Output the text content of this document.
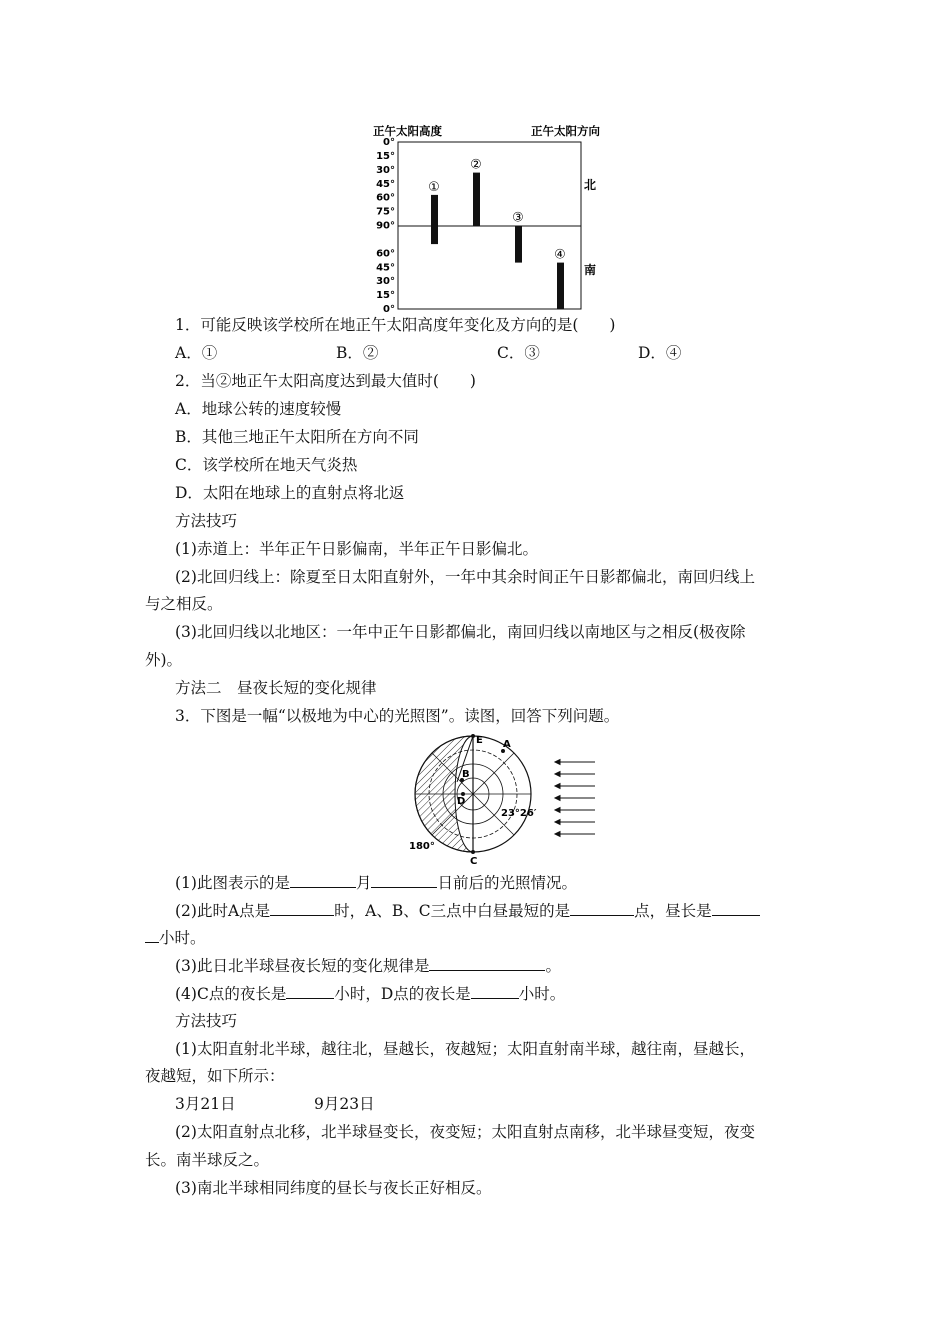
正午太阳高度	正午太阳方向
0°
15°
30°
45°
60°
75°
90°
60°
45°
30°
15°
0°
北
南
①
②
③
④
1．可能反映该学校所在地正午太阳高度年变化及方向的是(　　)
A．①	B．②	C．③	D．④
2．当②地正午太阳高度达到最大值时(　　)
A．地球公转的速度较慢
B．其他三地正午太阳所在方向不同
C．该学校所在地天气炎热
D．太阳在地球上的直射点将北返
方法技巧
(1)赤道上：半年正午日影偏南，半年正午日影偏北。
(2)北回归线上：除夏至日太阳直射外，一年中其余时间正午日影都偏北，南回归线上
与之相反。
(3)北回归线以北地区：一年中正午日影都偏北，南回归线以南地区与之相反(极夜除
外)。
方法二　昼夜长短的变化规律
3．下图是一幅“以极地为中心的光照图”。读图，回答下列问题。
E A
B
D
C
23°26′
180°
(1)此图表示的是	月	日前后的光照情况。
(2)此时A点是	时，A、B、C三点中白昼最短的是	点，昼长是
小时。
(3)此日北半球昼夜长短的变化规律是	。
(4)C点的夜长是	小时，D点的夜长是	小时。
方法技巧
(1)太阳直射北半球，越往北，昼越长，夜越短；太阳直射南半球，越往南，昼越长，
夜越短，如下所示：
3月21日	9月23日
(2)太阳直射点北移，北半球昼变长，夜变短；太阳直射点南移，北半球昼变短，夜变
长。南半球反之。
(3)南北半球相同纬度的昼长与夜长正好相反。
